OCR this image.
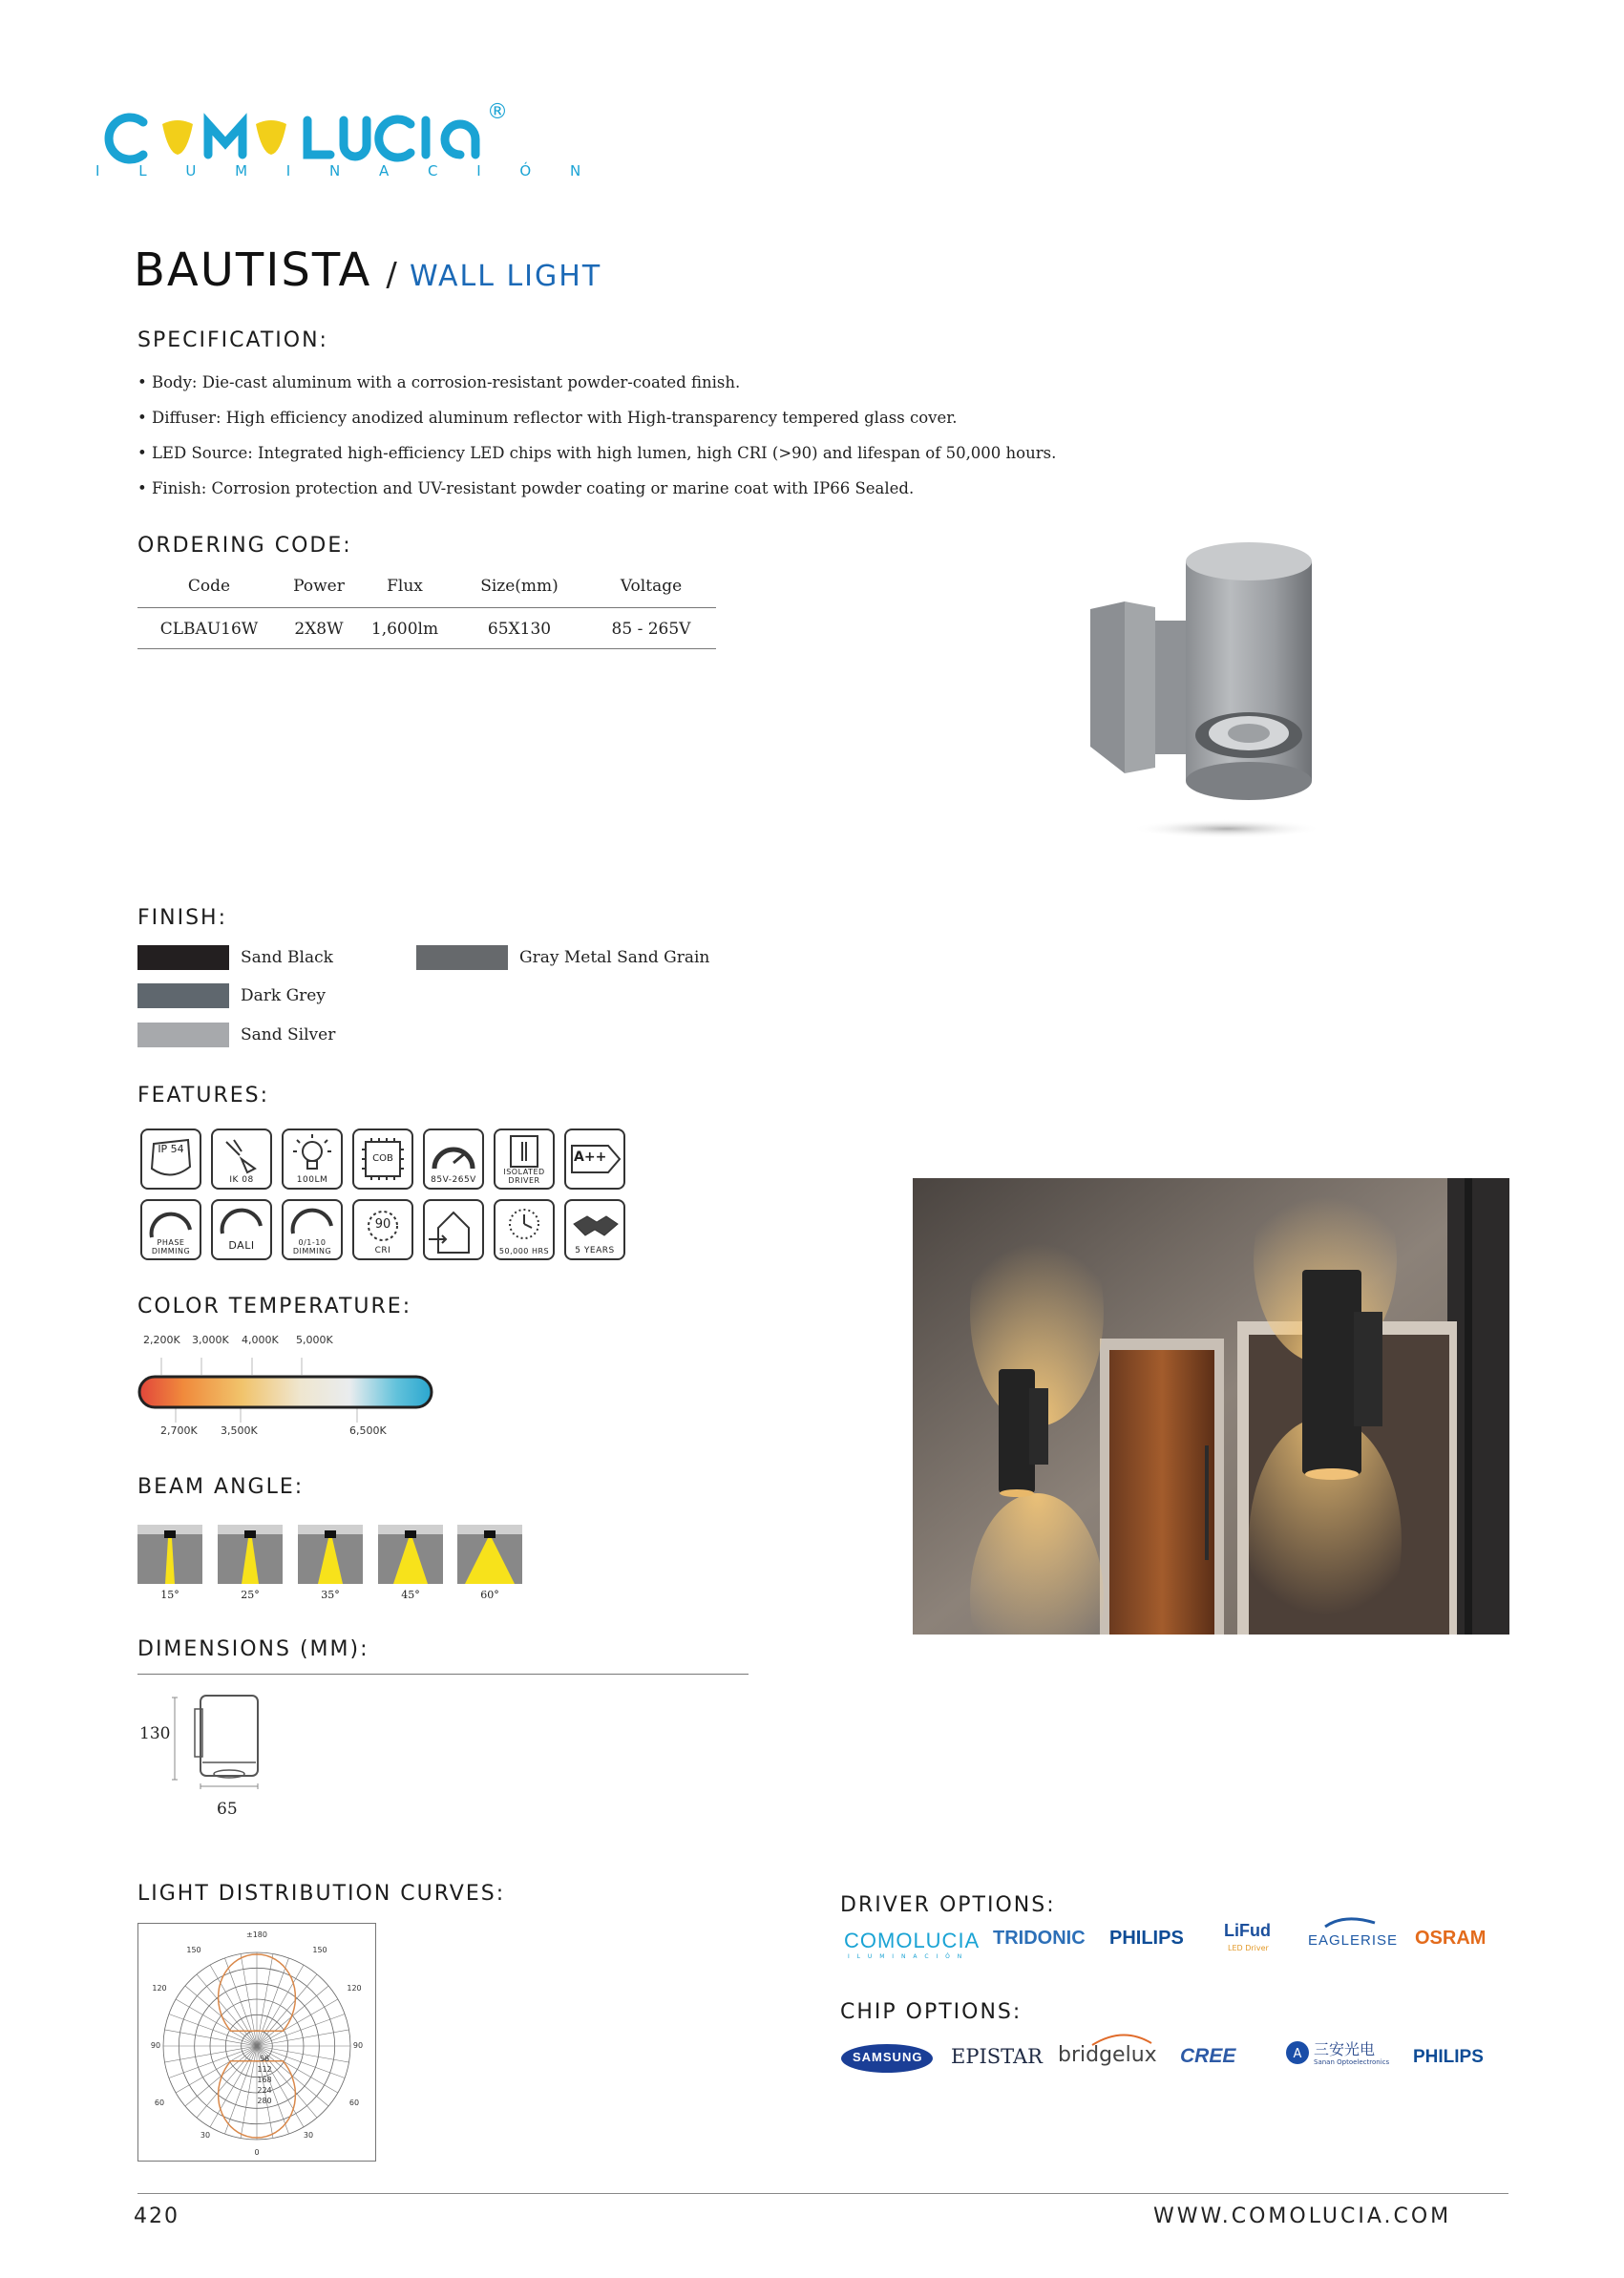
®
I L U M I N A C I Ó N
BAUTISTA / WALL LIGHT
SPECIFICATION:
• Body: Die-cast aluminum with a corrosion-resistant powder-coated finish.
• Diffuser: High efficiency anodized aluminum reflector with High-transparency tempered glass cover.
• LED Source: Integrated high-efficiency LED chips with high lumen, high CRI (>90) and lifespan of 50,000 hours.
• Finish: Corrosion protection and UV-resistant powder coating or marine coat with IP66 Sealed.
ORDERING CODE:
Code	Power	Flux	Size(mm)	Voltage
CLBAU16W	2X8W	1,600lm	65X130	85 - 265V
FINISH:
Sand Black
Dark Grey
Sand Silver
Gray Metal Sand Grain
FEATURES:
IP 54
IK 08	100LM
COB
85V-265V
ISOLATED DRIVER
A++
PHASE DIMMING	DALI	0/1-10 DIMMING
90
CRI	50,000 HRS	5 YEARS
COLOR TEMPERATURE:
2,200K 3,000K 4,000K 5,000K
2,700K 3,500K	6,500K
BEAM ANGLE:
15°	25°	35°	45°	60°
DIMENSIONS (MM):
130
65
LIGHT DISTRIBUTION CURVES:
±180
150	150
120	120
90	90
60	60
30	30
0
56
112
168
224
280
DRIVER OPTIONS:
COMOLUCIA
I L U M I N A C I Ó N
TRIDONIC PHILIPS LiFud
LED Driver	EAGLERISE OSRAM
CHIP OPTIONS:
SAMSUNG EPISTAR bridgelux CREE	A 三安光电
Sanan Optoelectronics PHILIPS
420	WWW.COMOLUCIA.COM
